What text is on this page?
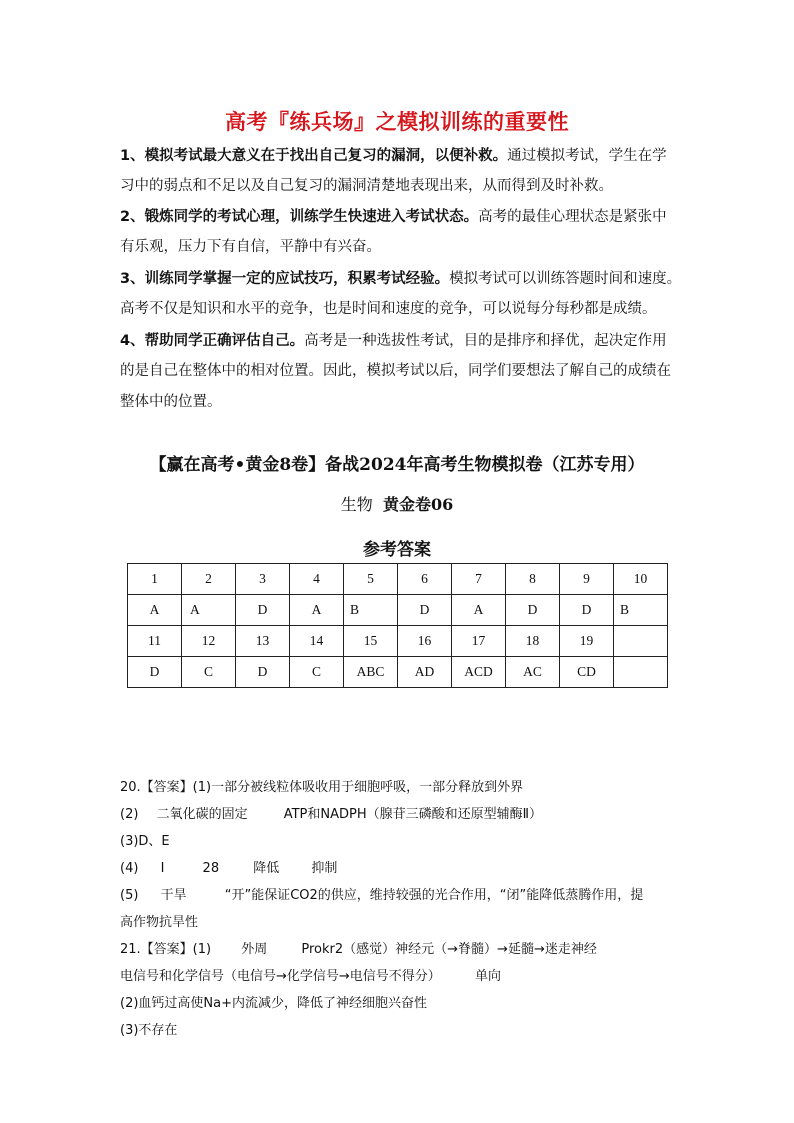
高考『练兵场』之模拟训练的重要性
1、模拟考试最大意义在于找出自己复习的漏洞，以便补救。通过模拟考试，学生在学
习中的弱点和不足以及自己复习的漏洞清楚地表现出来，从而得到及时补救。
2、锻炼同学的考试心理，训练学生快速进入考试状态。高考的最佳心理状态是紧张中
有乐观，压力下有自信，平静中有兴奋。
3、训练同学掌握一定的应试技巧，积累考试经验。模拟考试可以训练答题时间和速度。
高考不仅是知识和水平的竞争，也是时间和速度的竞争，可以说每分每秒都是成绩。
4、帮助同学正确评估自己。高考是一种选拔性考试，目的是排序和择优，起决定作用
的是自己在整体中的相对位置。因此，模拟考试以后，同学们要想法了解自己的成绩在
整体中的位置。
【赢在高考•黄金8卷】备战2024年高考生物模拟卷（江苏专用）
生物 黄金卷06
参考答案
1	2	3	4	5	6	7	8	9	10
A	A	D	A	B	D	A	D	D	B
11	12	13	14	15	16	17	18	19	
D	C	D	C	ABC	AD	ACD	AC	CD	
20.【答案】(1)一部分被线粒体吸收用于细胞呼吸，一部分释放到外界
(2) 二氧化碳的固定	ATP和NADPH（腺苷三磷酸和还原型辅酶Ⅱ）
(3)D、E
(4) I	28	降低 抑制
(5) 干旱	“开”能保证CO2的供应，维持较强的光合作用，“闭”能降低蒸腾作用，提
高作物抗旱性
21.【答案】(1) 外周	Prokr2（感觉）神经元（→脊髓）→延髓→迷走神经
电信号和化学信号（电信号→化学信号→电信号不得分）	单向
(2)血钙过高使Na+内流减少，降低了神经细胞兴奋性
(3)不存在
